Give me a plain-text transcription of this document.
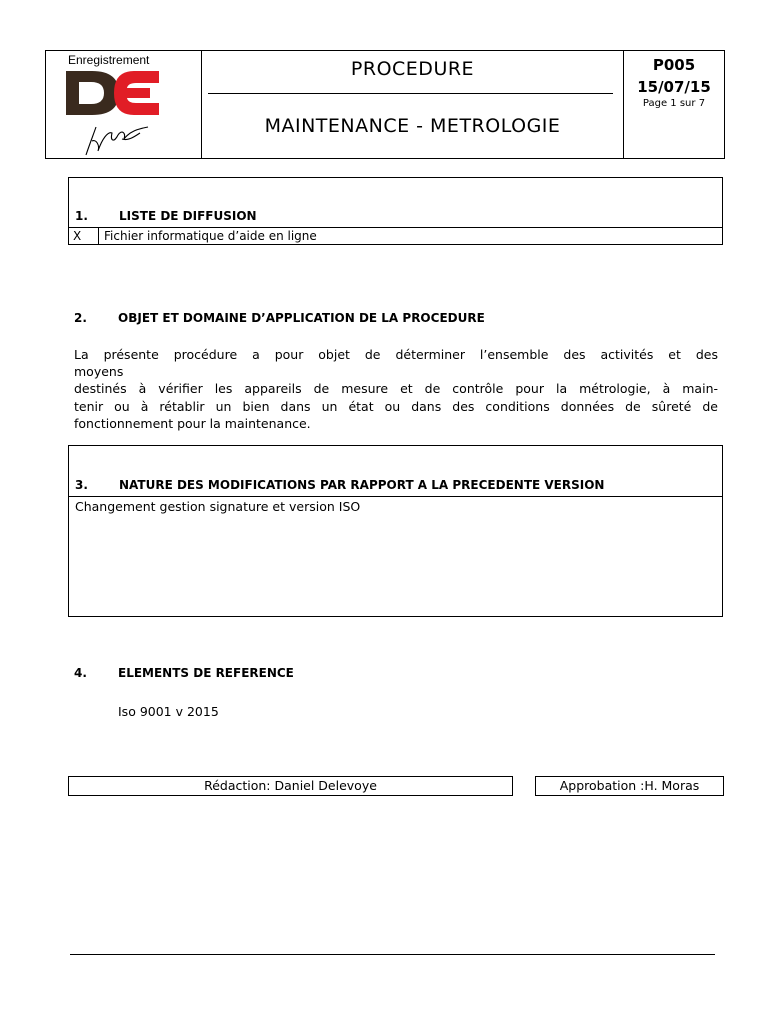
Enregistrement	PROCEDURE
MAINTENANCE - METROLOGIE
P005
15/07/15
Page 1 sur 7
1.	LISTE DE DIFFUSION
X	Fichier informatique d’aide en ligne
2.	OBJET ET DOMAINE D’APPLICATION DE LA PROCEDURE
La présente procédure a pour objet de déterminer l’ensemble des activités et des
moyens
destinés à vérifier les appareils de mesure et de contrôle pour la métrologie, à main-
tenir ou à rétablir un bien dans un état ou dans des conditions données de sûreté de
fonctionnement pour la maintenance.
3.	NATURE DES MODIFICATIONS PAR RAPPORT A LA PRECEDENTE VERSION
Changement gestion signature et version ISO
4.	ELEMENTS DE REFERENCE
Iso 9001 v 2015
Rédaction: Daniel Delevoye	Approbation :H. Moras
